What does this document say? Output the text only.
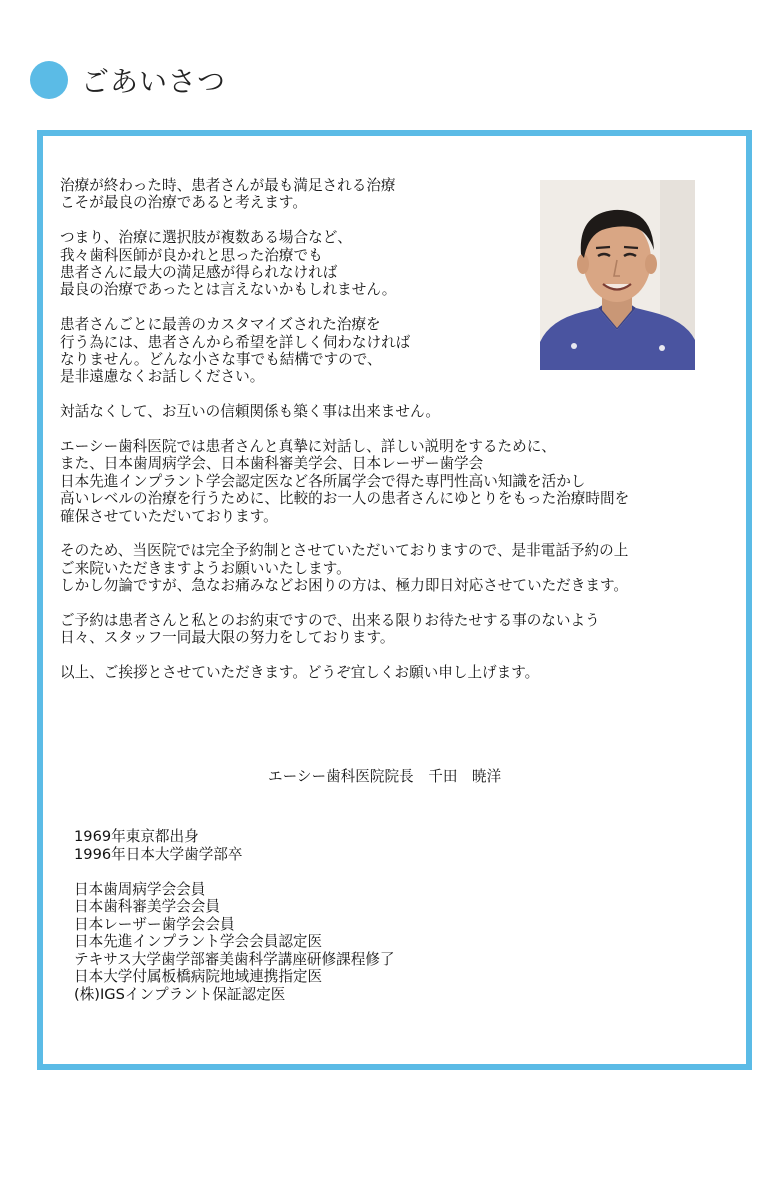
ごあいさつ
治療が終わった時、患者さんが最も満足される治療
こそが最良の治療であると考えます。
つまり、治療に選択肢が複数ある場合など、
我々歯科医師が良かれと思った治療でも
患者さんに最大の満足感が得られなければ
最良の治療であったとは言えないかもしれません。
患者さんごとに最善のカスタマイズされた治療を
行う為には、患者さんから希望を詳しく伺わなければ
なりません。どんな小さな事でも結構ですので、
是非遠慮なくお話しください。
対話なくして、お互いの信頼関係も築く事は出来ません。
エーシー歯科医院では患者さんと真摯に対話し、詳しい説明をするために、
また、日本歯周病学会、日本歯科審美学会、日本レーザー歯学会
日本先進インプラント学会認定医など各所属学会で得た専門性高い知識を活かし
高いレベルの治療を行うために、比較的お一人の患者さんにゆとりをもった治療時間を
確保させていただいております。
そのため、当医院では完全予約制とさせていただいておりますので、是非電話予約の上
ご来院いただきますようお願いいたします。
しかし勿論ですが、急なお痛みなどお困りの方は、極力即日対応させていただきます。
ご予約は患者さんと私とのお約束ですので、出来る限りお待たせする事のないよう
日々、スタッフ一同最大限の努力をしております。
以上、ご挨拶とさせていただきます。どうぞ宜しくお願い申し上げます。
エーシー歯科医院院長　千田　暁洋
1969年東京都出身
1996年日本大学歯学部卒
日本歯周病学会会員
日本歯科審美学会会員
日本レーザー歯学会会員
日本先進インプラント学会会員認定医
テキサス大学歯学部審美歯科学講座研修課程修了
日本大学付属板橋病院地域連携指定医
(株)IGSインプラント保証認定医
